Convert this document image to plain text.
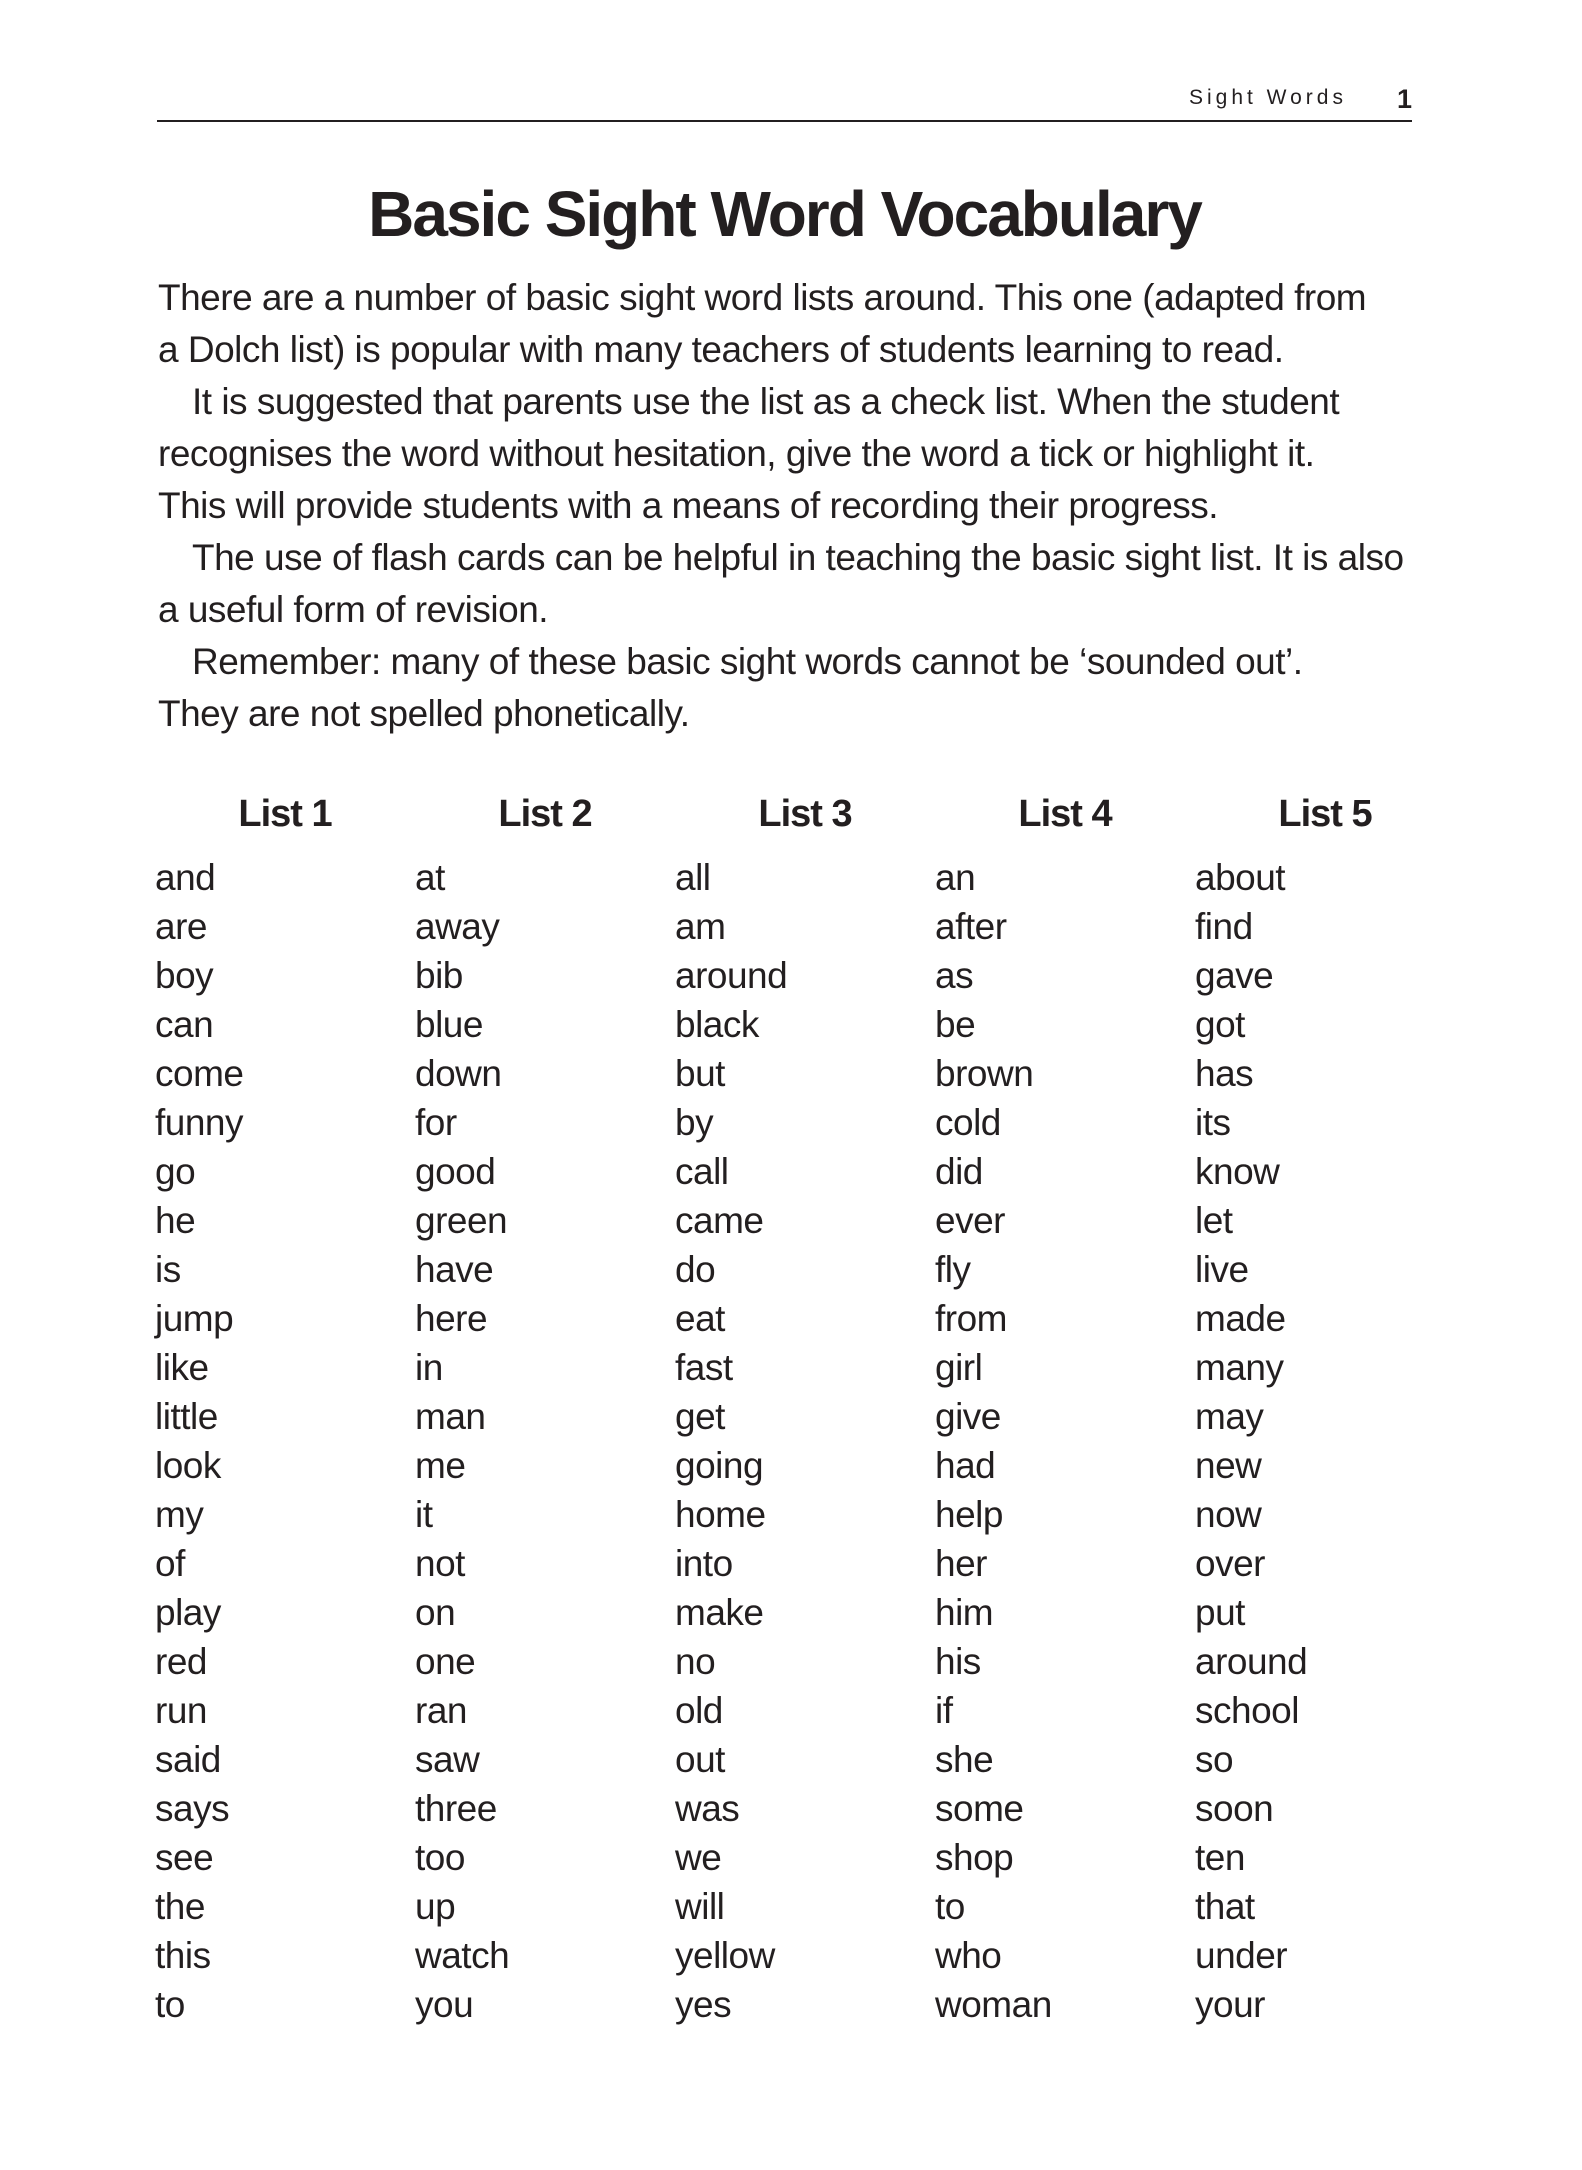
Sight Words 1
Basic Sight Word Vocabulary
There are a number of basic sight word lists around. This one (adapted from
a Dolch list) is popular with many teachers of students learning to read.
It is suggested that parents use the list as a check list. When the student
recognises the word without hesitation, give the word a tick or highlight it.
This will provide students with a means of recording their progress.
The use of flash cards can be helpful in teaching the basic sight list. It is also
a useful form of revision.
Remember: many of these basic sight words cannot be ‘sounded out’.
They are not spelled phonetically.
List 1
and
are
boy
can
come
funny
go
he
is
jump
like
little
look
my
of
play
red
run
said
says
see
the
this
to
List 2
at
away
bib
blue
down
for
good
green
have
here
in
man
me
it
not
on
one
ran
saw
three
too
up
watch
you
List 3
all
am
around
black
but
by
call
came
do
eat
fast
get
going
home
into
make
no
old
out
was
we
will
yellow
yes
List 4
an
after
as
be
brown
cold
did
ever
fly
from
girl
give
had
help
her
him
his
if
she
some
shop
to
who
woman
List 5
about
find
gave
got
has
its
know
let
live
made
many
may
new
now
over
put
around
school
so
soon
ten
that
under
your
